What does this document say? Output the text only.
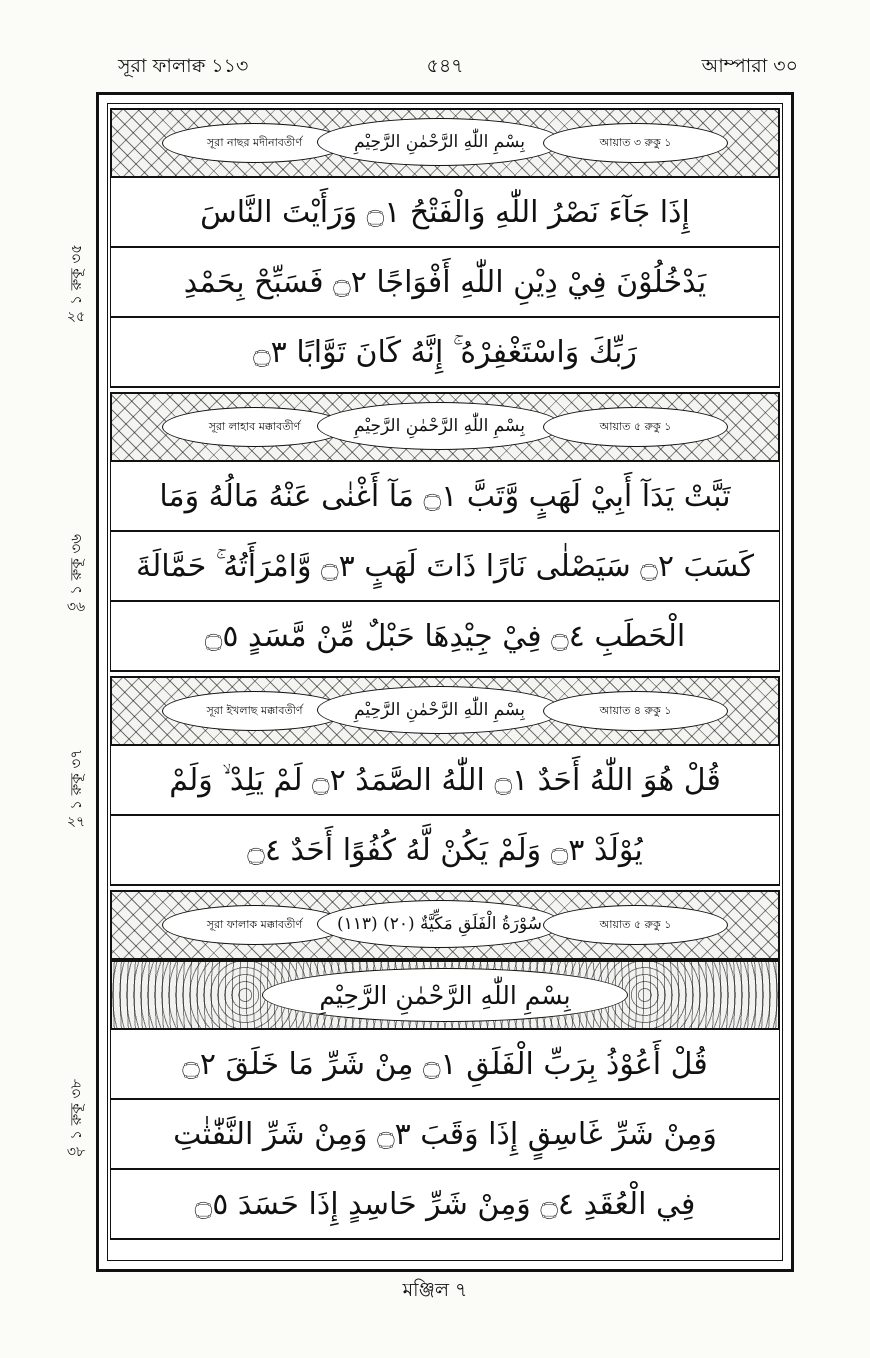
সূরা ফালাক্ব ১১৩	৫৪৭	আম্পারা ৩০
১ রুকূ ৩৫
২৫
১ রুকূ ৩৬
৩৬
১ রুকূ ৩৭
২৭
১ রুকূ ৩৮
৩৮
সূরা নাছর মদীনাবতীর্ণ	بِسْمِ اللّٰهِ الرَّحْمٰنِ الرَّحِيْمِ	আয়াত ৩ রুকু ১
إِذَا جَآءَ نَصْرُ اللّٰهِ وَالْفَتْحُ ۝١ وَرَأَيْتَ النَّاسَ
يَدْخُلُوْنَ فِيْ دِيْنِ اللّٰهِ أَفْوَاجًا ۝٢ فَسَبِّحْ بِحَمْدِ
رَبِّكَ وَاسْتَغْفِرْهُ ۚ إِنَّهُ كَانَ تَوَّابًا ۝٣
সূরা লাহাব মক্কাবতীর্ণ	بِسْمِ اللّٰهِ الرَّحْمٰنِ الرَّحِيْمِ	আয়াত ৫ রুকু ১
تَبَّتْ يَدَآ أَبِيْ لَهَبٍ وَّتَبَّ ۝١ مَآ أَغْنٰى عَنْهُ مَالُهُ وَمَا
كَسَبَ ۝٢ سَيَصْلٰى نَارًا ذَاتَ لَهَبٍ ۝٣ وَّامْرَأَتُهُ ۚ حَمَّالَةَ
الْحَطَبِ ۝٤ فِيْ جِيْدِهَا حَبْلٌ مِّنْ مَّسَدٍ ۝٥
সূরা ইখলাছ মক্কাবতীর্ণ	بِسْمِ اللّٰهِ الرَّحْمٰنِ الرَّحِيْمِ	আয়াত ৪ রুকু ১
قُلْ هُوَ اللّٰهُ أَحَدٌ ۝١ اللّٰهُ الصَّمَدُ ۝٢ لَمْ يَلِدْ ۙ وَلَمْ
يُوْلَدْ ۝٣ وَلَمْ يَكُنْ لَّهُ كُفُوًا أَحَدٌ ۝٤
সূরা ফালাক মক্কাবতীর্ণ	(١١٣) سُوْرَةُ الْفَلَقِ مَكِّيَّةٌ (٢٠)	আয়াত ৫ রুকু ১
بِسْمِ اللّٰهِ الرَّحْمٰنِ الرَّحِيْمِ
قُلْ أَعُوْذُ بِرَبِّ الْفَلَقِ ۝١ مِنْ شَرِّ مَا خَلَقَ ۝٢
وَمِنْ شَرِّ غَاسِقٍ إِذَا وَقَبَ ۝٣ وَمِنْ شَرِّ النَّفّٰثٰتِ
فِي الْعُقَدِ ۝٤ وَمِنْ شَرِّ حَاسِدٍ إِذَا حَسَدَ ۝٥
মঞ্জিল ৭
